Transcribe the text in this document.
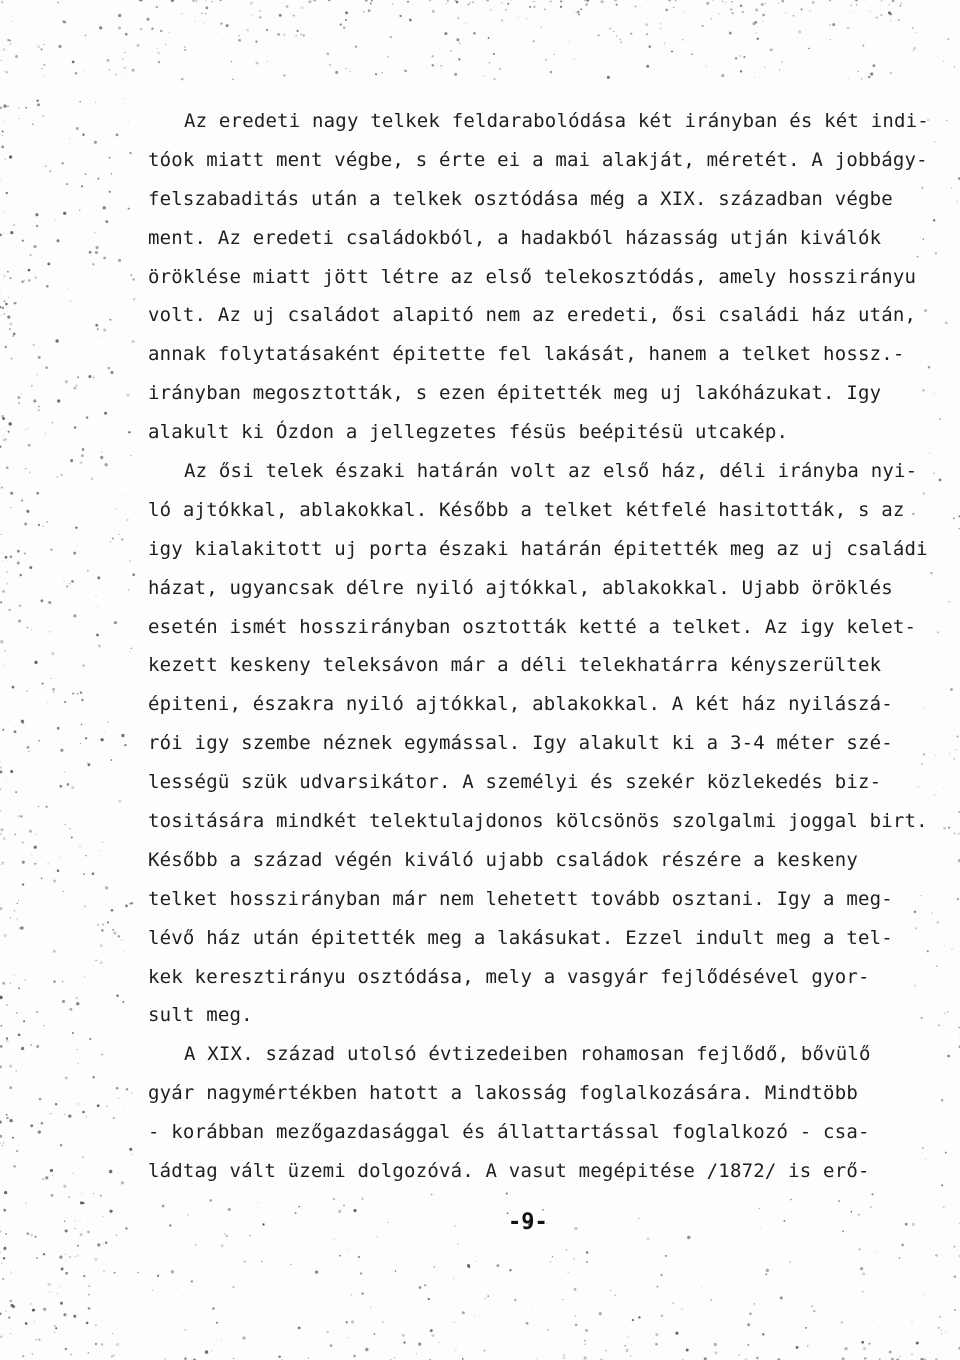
Az eredeti nagy telkek feldarabolódása két irányban és két indi-
tóok miatt ment végbe, s érte ei a mai alakját, méretét. A jobbágy-
felszabaditás után a telkek osztódása még a XIX. században végbe
ment. Az eredeti családokból, a hadakból házasság utján kiválók
öröklése miatt jött létre az első telekosztódás, amely hosszirányu
volt. Az uj családot alapitó nem az eredeti, ősi családi ház után,
annak folytatásaként épitette fel lakását, hanem a telket hossz.-
irányban megosztották, s ezen épitették meg uj lakóházukat. Igy
alakult ki Ózdon a jellegzetes fésüs beépitésü utcakép.
Az ősi telek északi határán volt az első ház, déli irányba nyi-
ló ajtókkal, ablakokkal. Később a telket kétfelé hasitották, s az
igy kialakitott uj porta északi határán épitették meg az uj családi
házat, ugyancsak délre nyiló ajtókkal, ablakokkal. Ujabb öröklés
esetén ismét hosszirányban osztották ketté a telket. Az igy kelet-
kezett keskeny teleksávon már a déli telekhatárra kényszerültek
épiteni, északra nyiló ajtókkal, ablakokkal. A két ház nyilászá-
rói igy szembe néznek egymással. Igy alakult ki a 3-4 méter szé-
lességü szük udvarsikátor. A személyi és szekér közlekedés biz-
tositására mindkét telektulajdonos kölcsönös szolgalmi joggal birt.
Később a század végén kiváló ujabb családok részére a keskeny
telket hosszirányban már nem lehetett tovább osztani. Igy a meg-
lévő ház után épitették meg a lakásukat. Ezzel indult meg a tel-
kek keresztirányu osztódása, mely a vasgyár fejlődésével gyor-
sult meg.
A XIX. század utolsó évtizedeiben rohamosan fejlődő, bővülő
gyár nagymértékben hatott a lakosság foglalkozására. Mindtöbb
- korábban mezőgazdasággal és állattartással foglalkozó - csa-
ládtag vált üzemi dolgozóvá. A vasut megépitése /1872/ is erő-
-9-
